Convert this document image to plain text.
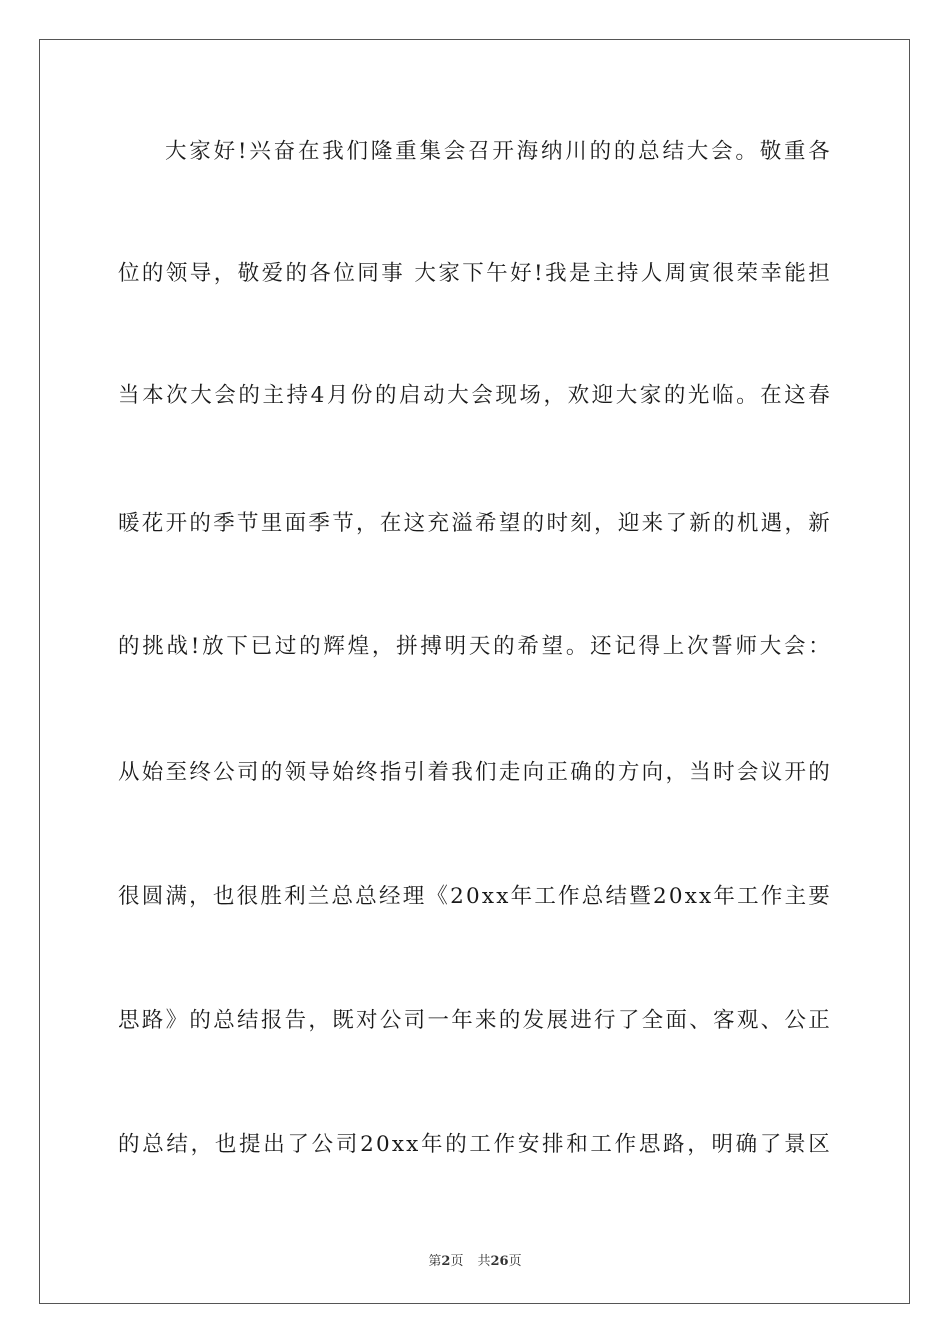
大家好!兴奋在我们隆重集会召开海纳川的的总结大会。敬重各
位的领导，敬爱的各位同事 大家下午好!我是主持人周寅很荣幸能担
当本次大会的主持4月份的启动大会现场，欢迎大家的光临。在这春
暖花开的季节里面季节，在这充溢希望的时刻，迎来了新的机遇，新
的挑战!放下已过的辉煌，拼搏明天的希望。还记得上次誓师大会：
从始至终公司的领导始终指引着我们走向正确的方向，当时会议开的
很圆满，也很胜利兰总总经理《20xx年工作总结暨20xx年工作主要
思路》的总结报告，既对公司一年来的发展进行了全面、客观、公正
的总结，也提出了公司20xx年的工作安排和工作思路，明确了景区
第2页 共26页
